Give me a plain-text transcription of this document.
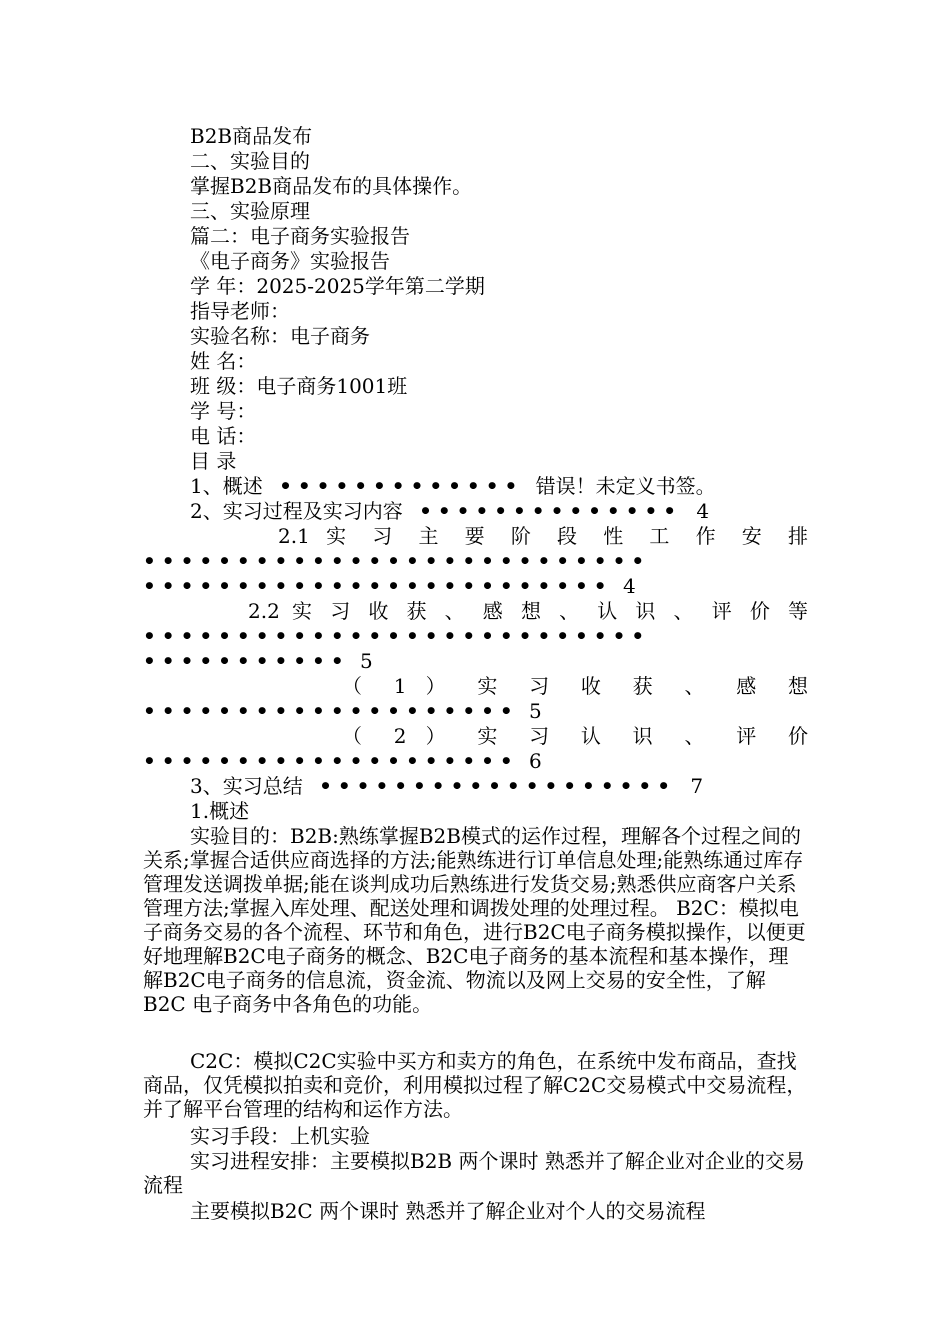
B2B商品发布
二、实验目的
掌握B2B商品发布的具体操作。
三、实验原理
篇二：电子商务实验报告
《电子商务》实验报告
学 年：2025-2025学年第二学期
指导老师：
实验名称：电子商务
姓 名：
班 级：电子商务1001班
学 号：
电 话：
目 录
1、概述 ••••••••••••• 错误！未定义书签。
2、实习过程及实习内容 •••••••••••••• 4
2.1 实 习 主 要 阶 段 性 工 作 安 排
•••••••••••••••••••••••••••
••••••••••••••••••••••••• 4
2.2 实 习 收 获 、 感 想 、 认 识 、 评 价 等
•••••••••••••••••••••••••••
••••••••••• 5
（ 1 ） 实 习 收 获 、 感 想
•••••••••••••••••••• 5
（ 2 ） 实 习 认 识 、 评 价
•••••••••••••••••••• 6
3、实习总结 ••••••••••••••••••• 7
1.概述
实验目的：B2B:熟练掌握B2B模式的运作过程，理解各个过程之间的关系;掌握合适供应商选择的方法;能熟练进行订单信息处理;能熟练通过库存管理发送调拨单据;能在谈判成功后熟练进行发货交易;熟悉供应商客户关系管理方法;掌握入库处理、配送处理和调拨处理的处理过程。 B2C：模拟电子商务交易的各个流程、环节和角色，进行B2C电子商务模拟操作，以便更好地理解B2C电子商务的概念、B2C电子商务的基本流程和基本操作，理解B2C电子商务的信息流，资金流、物流以及网上交易的安全性，了解B2C 电子商务中各角色的功能。
C2C：模拟C2C实验中买方和卖方的角色，在系统中发布商品，查找商品，仅凭模拟拍卖和竞价，利用模拟过程了解C2C交易模式中交易流程，并了解平台管理的结构和运作方法。
实习手段：上机实验
实习进程安排：主要模拟B2B 两个课时 熟悉并了解企业对企业的交易流程
主要模拟B2C 两个课时 熟悉并了解企业对个人的交易流程
